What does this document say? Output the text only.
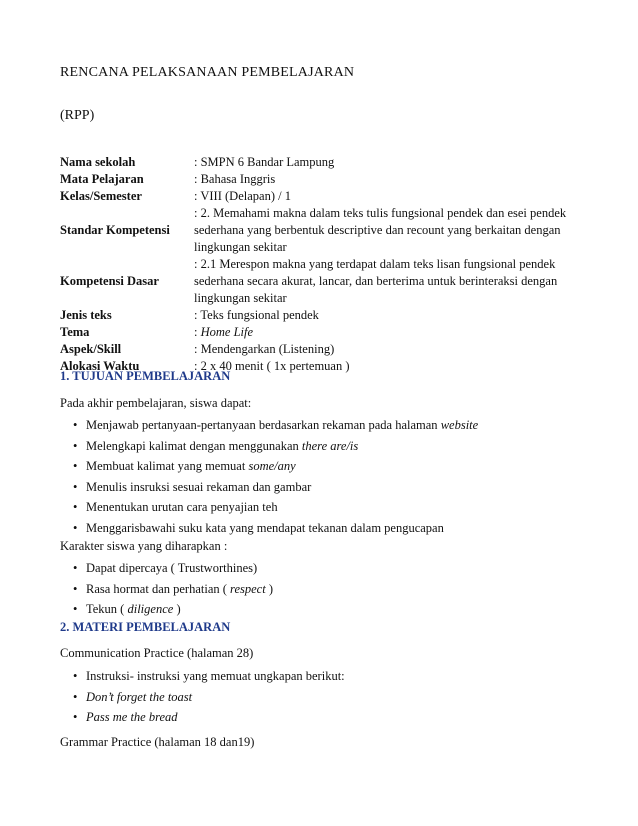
RENCANA PELAKSANAAN PEMBELAJARAN
(RPP)
Nama sekolah	: SMPN 6 Bandar Lampung
Mata Pelajaran	: Bahasa Inggris
Kelas/Semester	: VIII (Delapan) / 1
Standar Kompetensi	: 2. Memahami makna dalam teks tulis fungsional pendek dan esei pendek
sederhana yang berbentuk descriptive dan recount yang berkaitan dengan
lingkungan sekitar

Kompetensi Dasar	: 2.1 Merespon makna yang terdapat dalam teks lisan fungsional pendek
sederhana secara akurat, lancar, dan berterima untuk berinteraksi dengan
lingkungan sekitar

Jenis teks	: Teks fungsional pendek
Tema	: Home Life
Aspek/Skill	: Mendengarkan (Listening)
Alokasi Waktu	: 2 x 40 menit ( 1x pertemuan )
1. TUJUAN PEMBELAJARAN
Pada akhir pembelajaran, siswa dapat:
• Menjawab pertanyaan-pertanyaan berdasarkan rekaman pada halaman website
• Melengkapi kalimat dengan menggunakan there are/is
• Membuat kalimat yang memuat some/any
• Menulis insruksi sesuai rekaman dan gambar
• Menentukan urutan cara penyajian teh
• Menggarisbawahi suku kata yang mendapat tekanan dalam pengucapan
Karakter siswa yang diharapkan :
• Dapat dipercaya ( Trustworthines)
• Rasa hormat dan perhatian ( respect )
• Tekun ( diligence )
2. MATERI PEMBELAJARAN
Communication Practice (halaman 28)
• Instruksi- instruksi yang memuat ungkapan berikut:
• Don’t forget the toast
• Pass me the bread
Grammar Practice (halaman 18 dan19)
